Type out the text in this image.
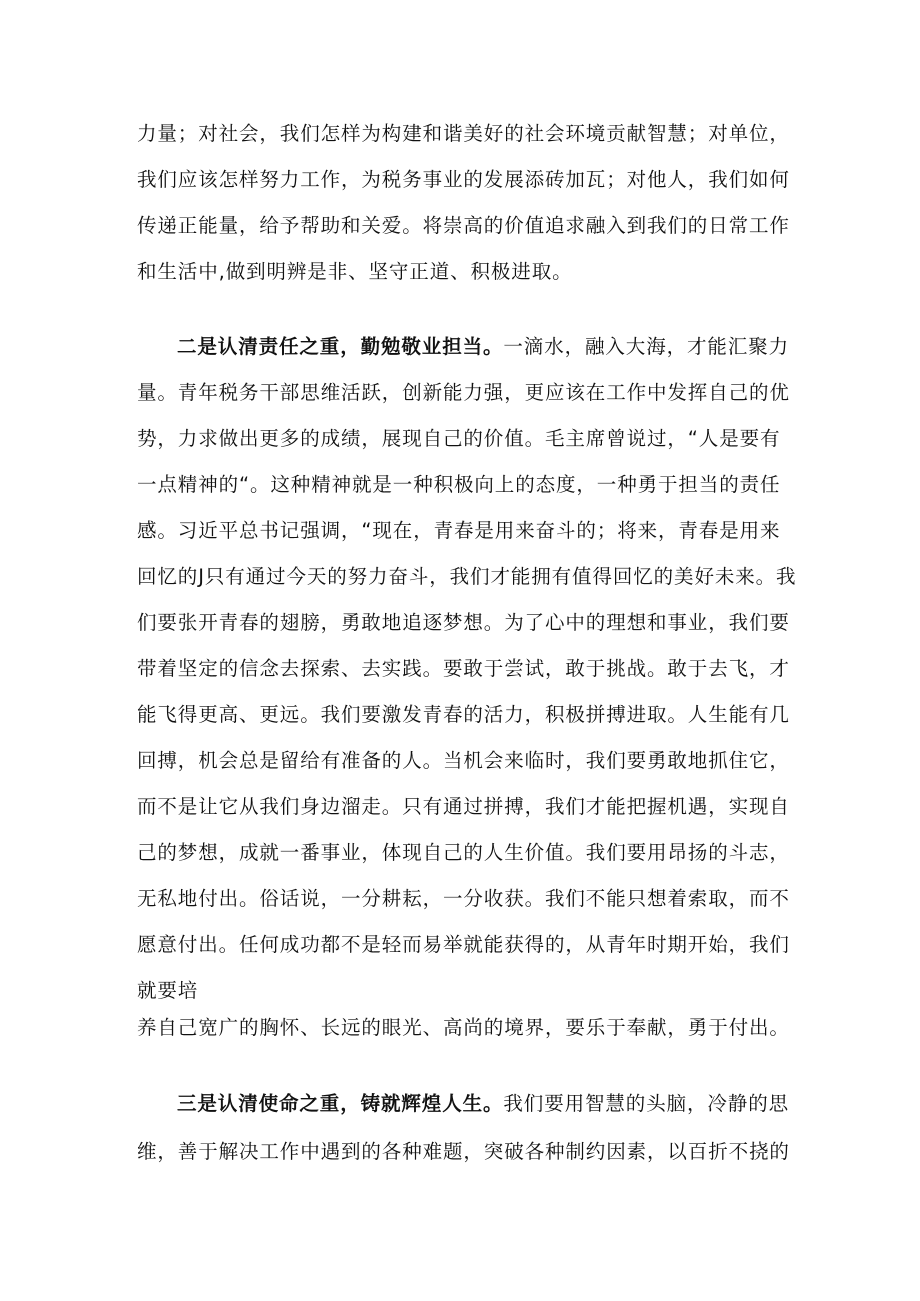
力量；对社会，我们怎样为构建和谐美好的社会环境贡献智慧；对单位，
我们应该怎样努力工作，为税务事业的发展添砖加瓦；对他人，我们如何
传递正能量，给予帮助和关爱。将崇高的价值追求融入到我们的日常工作
和生活中,做到明辨是非、坚守正道、积极进取。
二是认清责任之重，勤勉敬业担当。一滴水，融入大海，才能汇聚力
量。青年税务干部思维活跃，创新能力强，更应该在工作中发挥自己的优
势，力求做出更多的成绩，展现自己的价值。毛主席曾说过，“人是要有
一点精神的“。这种精神就是一种积极向上的态度，一种勇于担当的责任
感。习近平总书记强调，“现在，青春是用来奋斗的；将来，青春是用来
回忆的J只有通过今天的努力奋斗，我们才能拥有值得回忆的美好未来。我
们要张开青春的翅膀，勇敢地追逐梦想。为了心中的理想和事业，我们要
带着坚定的信念去探索、去实践。要敢于尝试，敢于挑战。敢于去飞，才
能飞得更高、更远。我们要激发青春的活力，积极拼搏进取。人生能有几
回搏，机会总是留给有准备的人。当机会来临时，我们要勇敢地抓住它，
而不是让它从我们身边溜走。只有通过拼搏，我们才能把握机遇，实现自
己的梦想，成就一番事业，体现自己的人生价值。我们要用昂扬的斗志，
无私地付出。俗话说，一分耕耘，一分收获。我们不能只想着索取，而不
愿意付出。任何成功都不是轻而易举就能获得的，从青年时期开始，我们
就要培
养自己宽广的胸怀、长远的眼光、高尚的境界，要乐于奉献，勇于付出。
三是认清使命之重，铸就辉煌人生。我们要用智慧的头脑，冷静的思
维，善于解决工作中遇到的各种难题，突破各种制约因素，以百折不挠的
